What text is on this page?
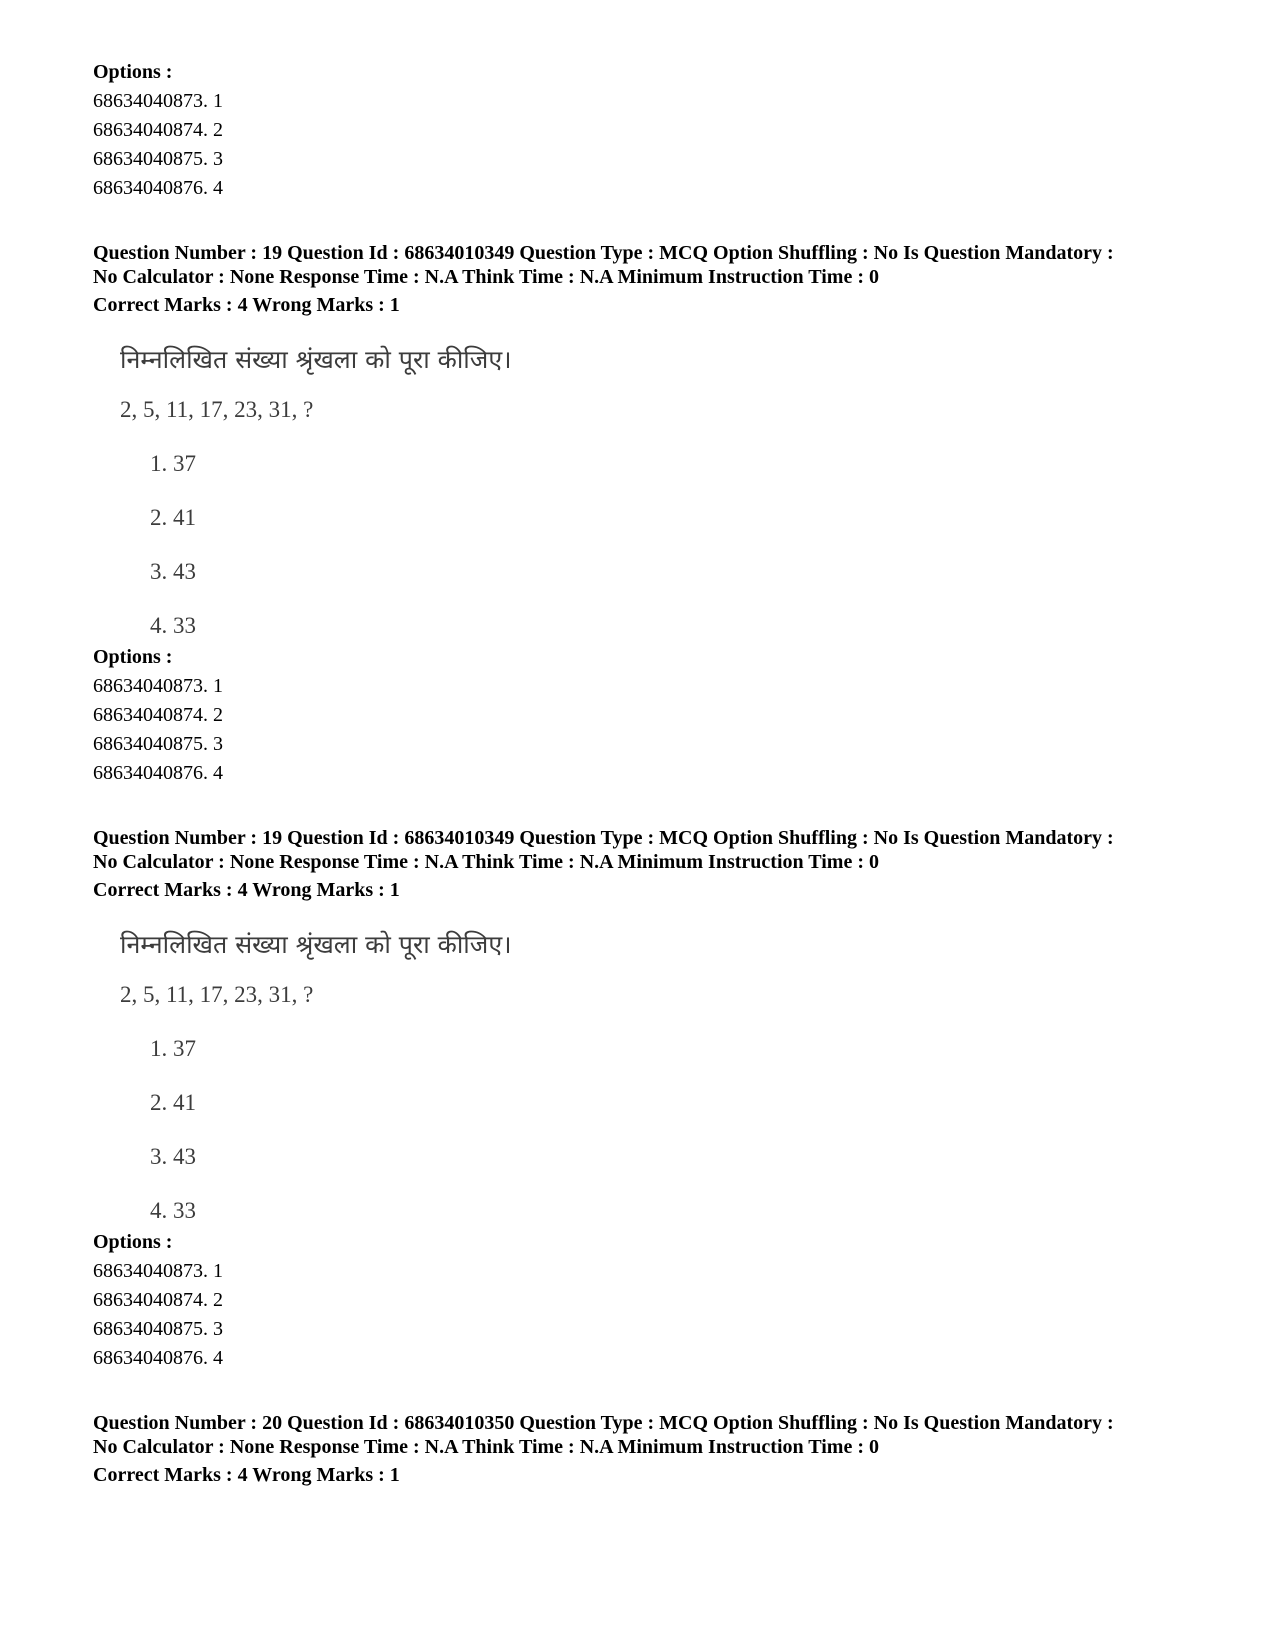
Options :
68634040873. 1
68634040874. 2
68634040875. 3
68634040876. 4
Question Number : 19 Question Id : 68634010349 Question Type : MCQ Option Shuffling : No Is Question Mandatory :
No Calculator : None Response Time : N.A Think Time : N.A Minimum Instruction Time : 0
Correct Marks : 4 Wrong Marks : 1
निम्नलिखित संख्या श्रृंखला को पूरा कीजिए।
2, 5, 11, 17, 23, 31, ?
1. 37
2. 41
3. 43
4. 33
Options :
68634040873. 1
68634040874. 2
68634040875. 3
68634040876. 4
Question Number : 19 Question Id : 68634010349 Question Type : MCQ Option Shuffling : No Is Question Mandatory :
No Calculator : None Response Time : N.A Think Time : N.A Minimum Instruction Time : 0
Correct Marks : 4 Wrong Marks : 1
निम्नलिखित संख्या श्रृंखला को पूरा कीजिए।
2, 5, 11, 17, 23, 31, ?
1. 37
2. 41
3. 43
4. 33
Options :
68634040873. 1
68634040874. 2
68634040875. 3
68634040876. 4
Question Number : 20 Question Id : 68634010350 Question Type : MCQ Option Shuffling : No Is Question Mandatory :
No Calculator : None Response Time : N.A Think Time : N.A Minimum Instruction Time : 0
Correct Marks : 4 Wrong Marks : 1
